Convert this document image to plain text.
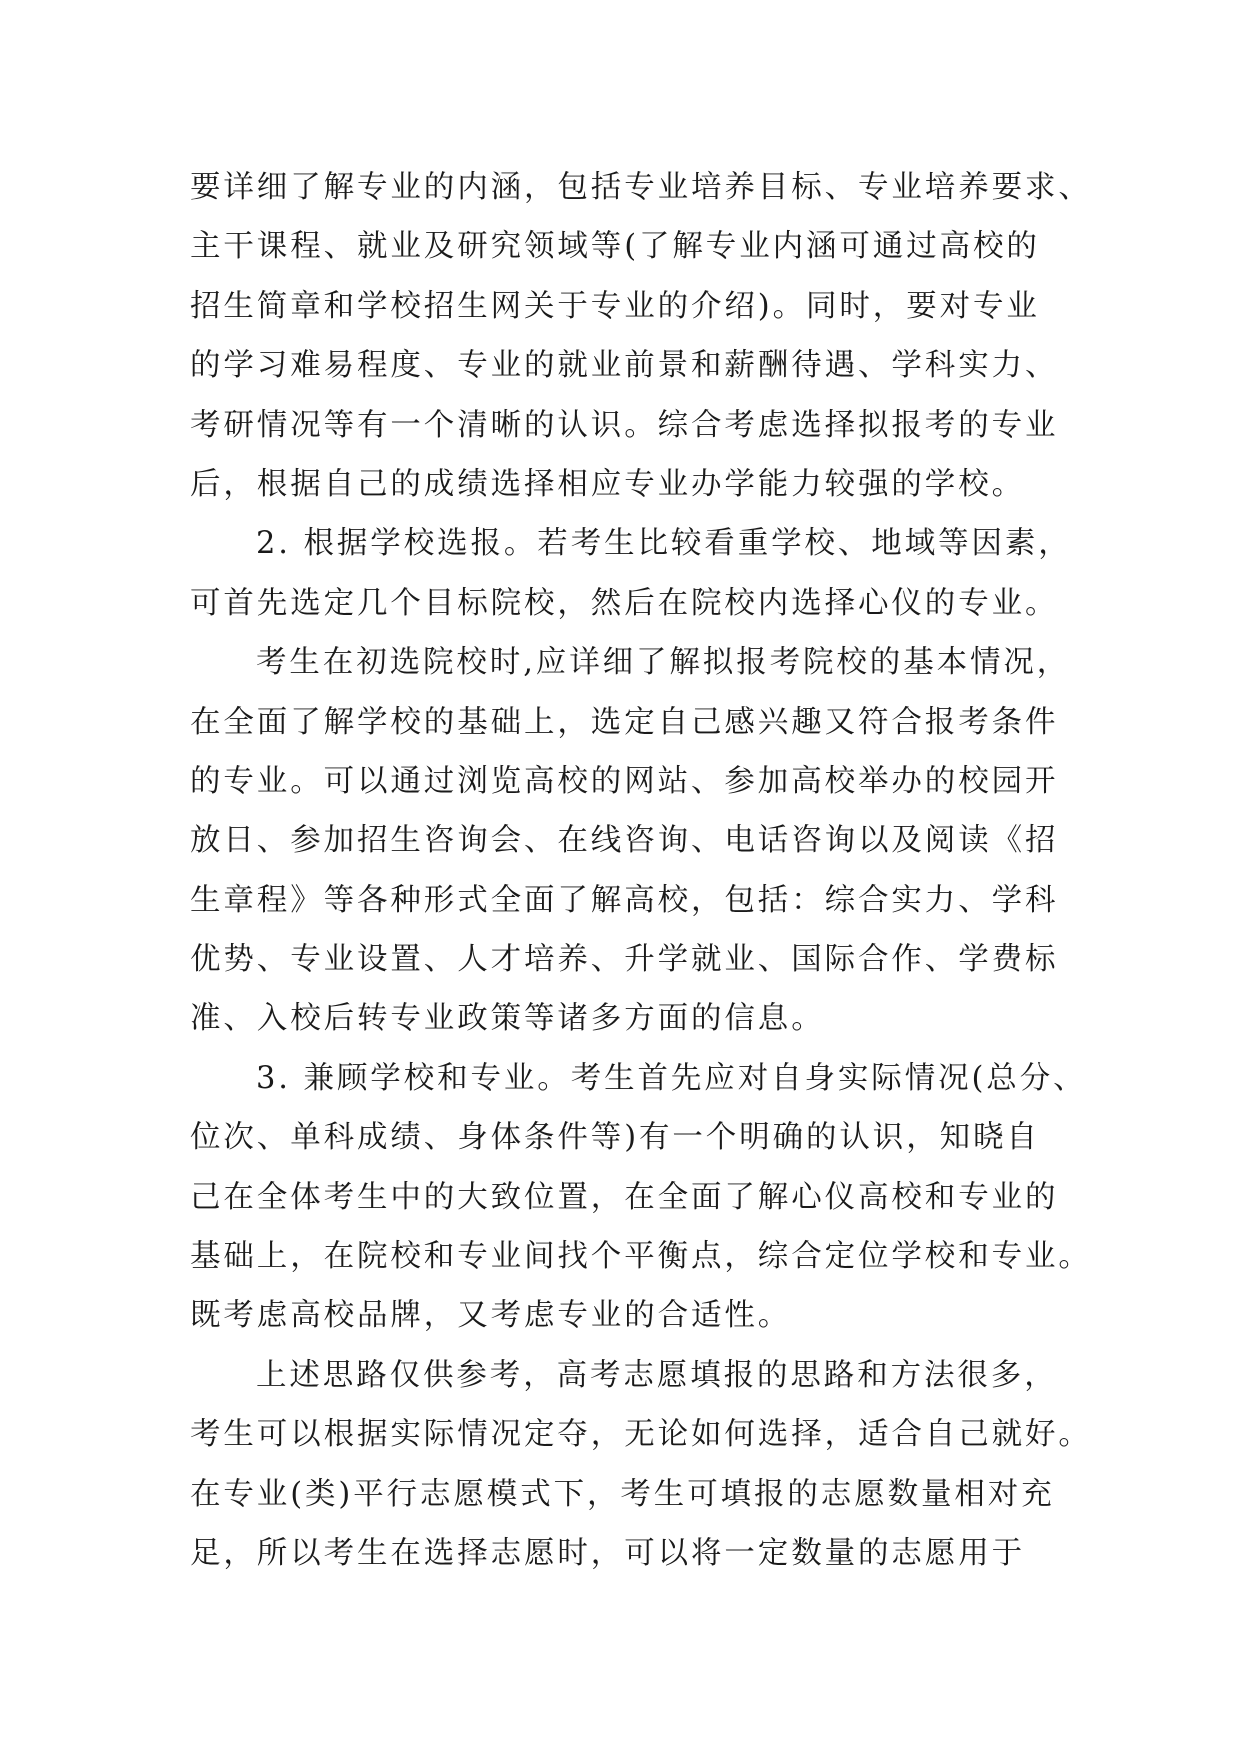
要详细了解专业的内涵，包括专业培养目标、专业培养要求、
主干课程、就业及研究领域等(了解专业内涵可通过高校的
招生简章和学校招生网关于专业的介绍)。同时，要对专业
的学习难易程度、专业的就业前景和薪酬待遇、学科实力、
考研情况等有一个清晰的认识。综合考虑选择拟报考的专业
后，根据自己的成绩选择相应专业办学能力较强的学校。
2. 根据学校选报。若考生比较看重学校、地域等因素，
可首先选定几个目标院校，然后在院校内选择心仪的专业。
考生在初选院校时,应详细了解拟报考院校的基本情况，
在全面了解学校的基础上，选定自己感兴趣又符合报考条件
的专业。可以通过浏览高校的网站、参加高校举办的校园开
放日、参加招生咨询会、在线咨询、电话咨询以及阅读《招
生章程》等各种形式全面了解高校，包括：综合实力、学科
优势、专业设置、人才培养、升学就业、国际合作、学费标
准、入校后转专业政策等诸多方面的信息。
3. 兼顾学校和专业。考生首先应对自身实际情况(总分、
位次、单科成绩、身体条件等)有一个明确的认识，知晓自
己在全体考生中的大致位置，在全面了解心仪高校和专业的
基础上，在院校和专业间找个平衡点，综合定位学校和专业。
既考虑高校品牌，又考虑专业的合适性。
上述思路仅供参考，高考志愿填报的思路和方法很多，
考生可以根据实际情况定夺，无论如何选择，适合自己就好。
在专业(类)平行志愿模式下，考生可填报的志愿数量相对充
足，所以考生在选择志愿时，可以将一定数量的志愿用于
